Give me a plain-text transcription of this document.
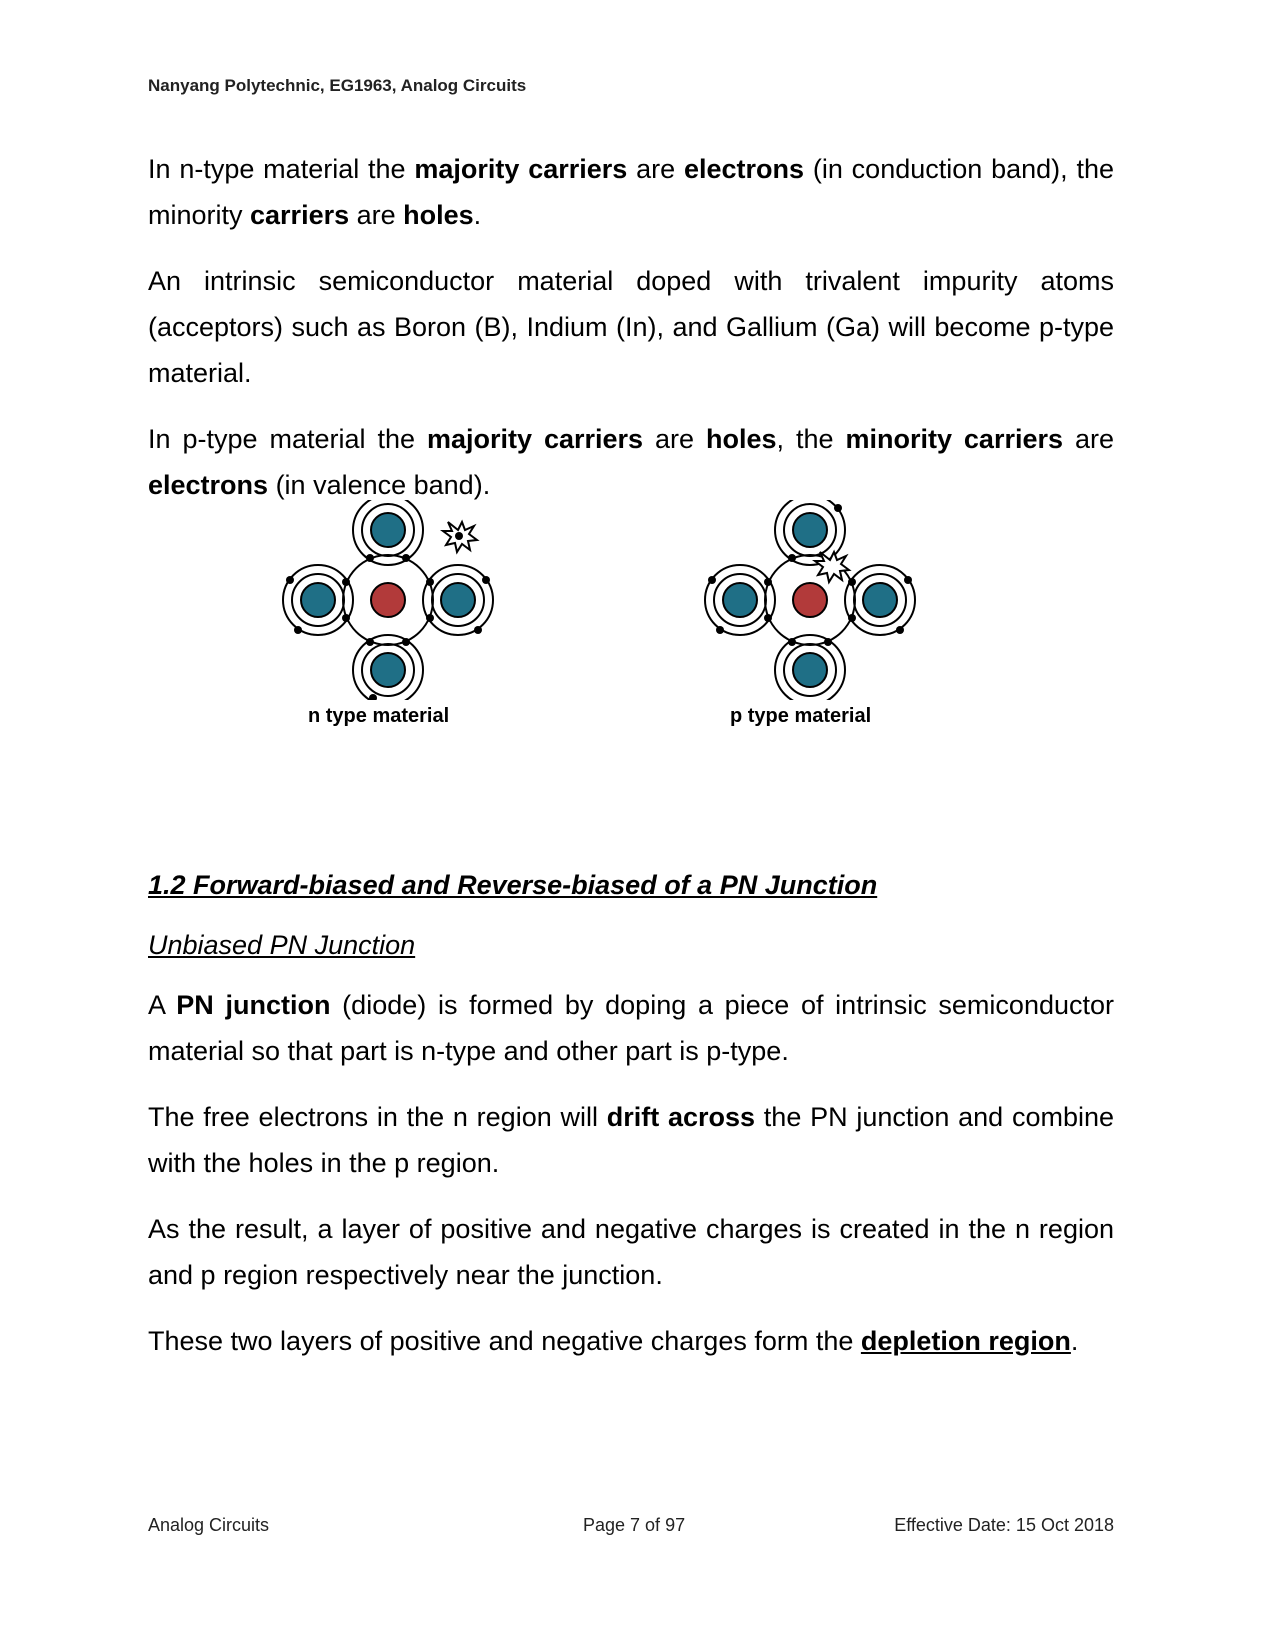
Nanyang Polytechnic, EG1963, Analog Circuits

In n-type material the majority carriers are electrons (in conduction band), the minority carriers are holes.

An intrinsic semiconductor material doped with trivalent impurity atoms (acceptors) such as Boron (B), Indium (In), and Gallium (Ga) will become p-type material.

In p-type material the majority carriers are holes, the minority carriers are electrons (in valence band).

n type material	p type material
1.2 Forward-biased and Reverse-biased of a PN Junction
Unbiased PN Junction

A PN junction (diode) is formed by doping a piece of intrinsic semiconductor material so that part is n-type and other part is p-type.

The free electrons in the n region will drift across the PN junction and combine with the holes in the p region.

As the result, a layer of positive and negative charges is created in the n region and p region respectively near the junction.

These two layers of positive and negative charges form the depletion region.

Analog Circuits	Page 7 of 97	Effective Date: 15 Oct 2018
